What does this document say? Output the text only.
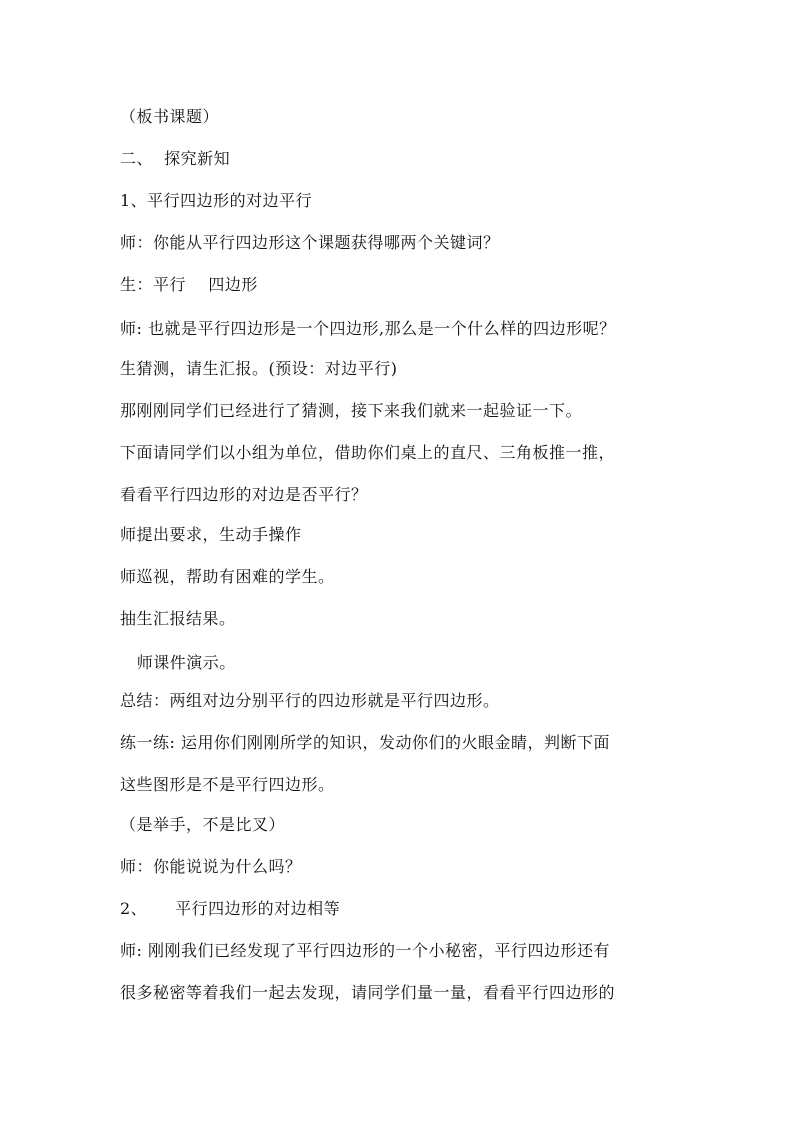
（板书课题）
二、  探究新知
1、平行四边形的对边平行
师：你能从平行四边形这个课题获得哪两个关键词？
生：平行    四边形
师: 也就是平行四边形是一个四边形,那么是一个什么样的四边形呢？
生猜测，请生汇报。(预设：对边平行)
那刚刚同学们已经进行了猜测，接下来我们就来一起验证一下。
下面请同学们以小组为单位，借助你们桌上的直尺、三角板推一推，
看看平行四边形的对边是否平行？
师提出要求，生动手操作
师巡视，帮助有困难的学生。
抽生汇报结果。
师课件演示。
总结：两组对边分别平行的四边形就是平行四边形。
练一练: 运用你们刚刚所学的知识，发动你们的火眼金睛，判断下面
这些图形是不是平行四边形。
（是举手，不是比叉）
师：你能说说为什么吗？
2、     平行四边形的对边相等
师: 刚刚我们已经发现了平行四边形的一个小秘密，平行四边形还有
很多秘密等着我们一起去发现，请同学们量一量，看看平行四边形的
